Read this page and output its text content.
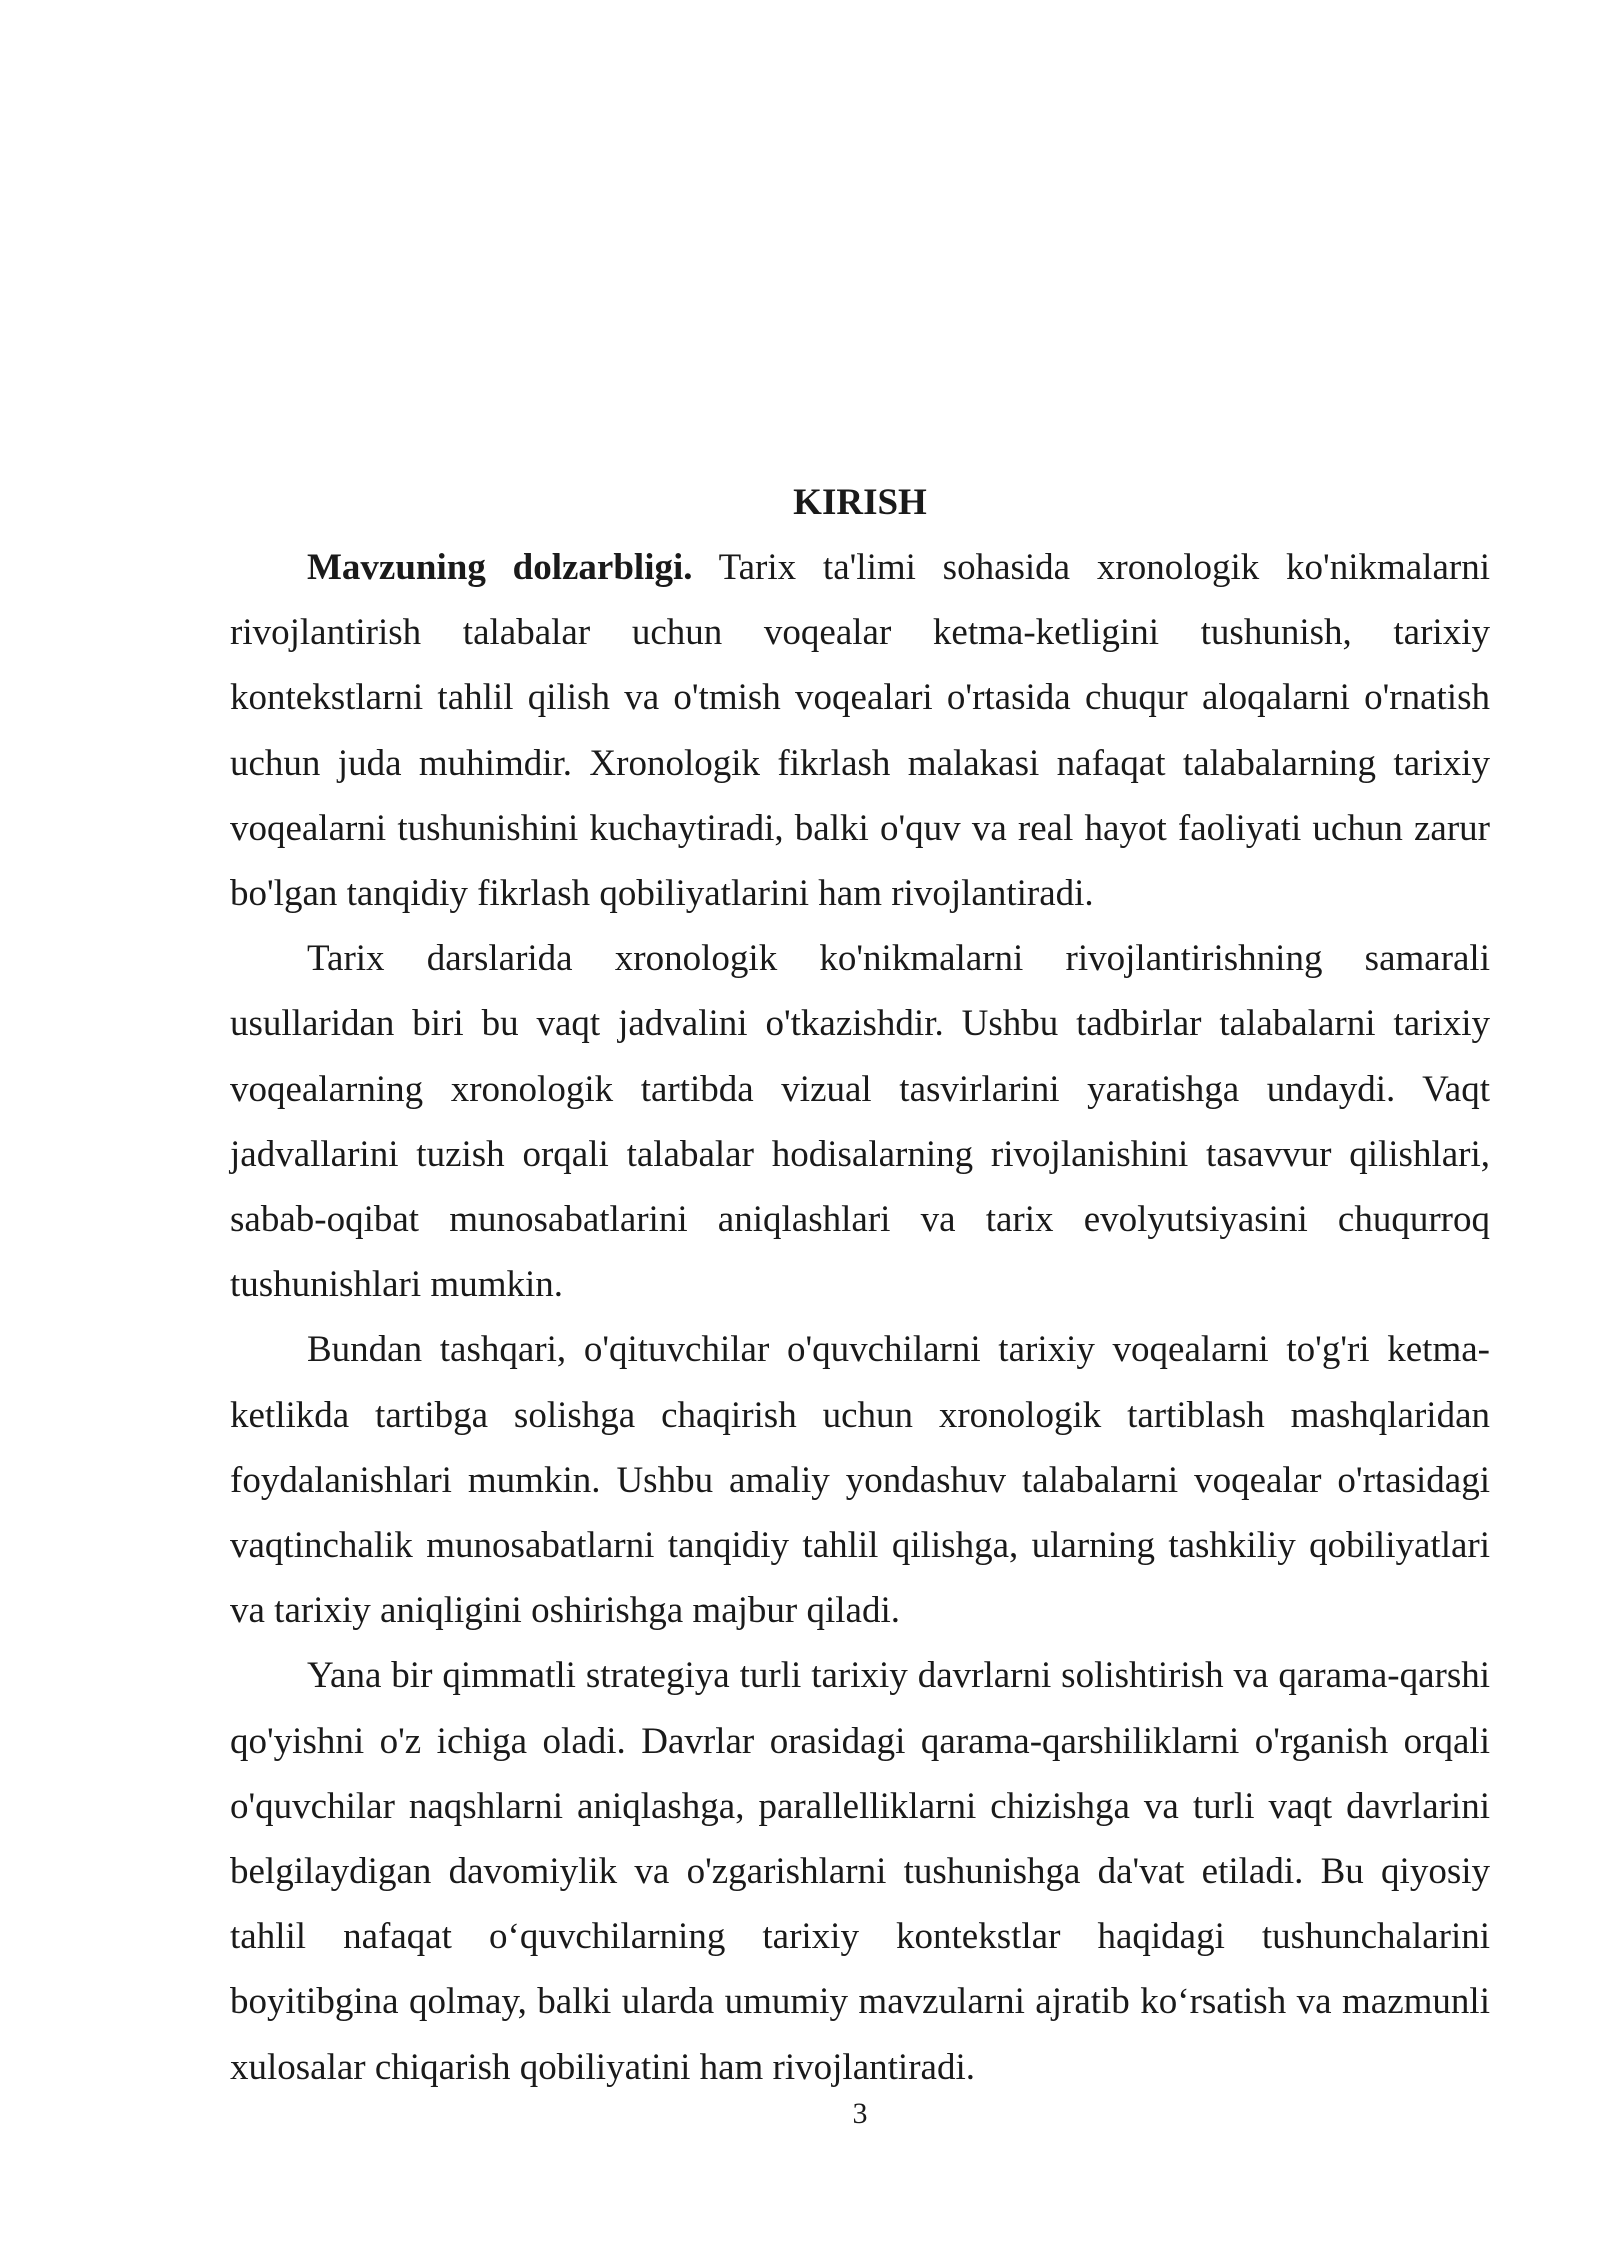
KIRISH

Mavzuning dolzarbligi. Tarix ta'limi sohasida xronologik ko'nikmalarni rivojlantirish talabalar uchun voqealar ketma-ketligini tushunish, tarixiy kontekstlarni tahlil qilish va o'tmish voqealari o'rtasida chuqur aloqalarni o'rnatish uchun juda muhimdir. Xronologik fikrlash malakasi nafaqat talabalarning tarixiy voqealarni tushunishini kuchaytiradi, balki o'quv va real hayot faoliyati uchun zarur bo'lgan tanqidiy fikrlash qobiliyatlarini ham rivojlantiradi.

Tarix darslarida xronologik ko'nikmalarni rivojlantirishning samarali usullaridan biri bu vaqt jadvalini o'tkazishdir. Ushbu tadbirlar talabalarni tarixiy voqealarning xronologik tartibda vizual tasvirlarini yaratishga undaydi. Vaqt jadvallarini tuzish orqali talabalar hodisalarning rivojlanishini tasavvur qilishlari, sabab-oqibat munosabatlarini aniqlashlari va tarix evolyutsiyasini chuqurroq tushunishlari mumkin.

Bundan tashqari, o'qituvchilar o'quvchilarni tarixiy voqealarni to'g'ri ketma-ketlikda tartibga solishga chaqirish uchun xronologik tartiblash mashqlaridan foydalanishlari mumkin. Ushbu amaliy yondashuv talabalarni voqealar o'rtasidagi vaqtinchalik munosabatlarni tanqidiy tahlil qilishga, ularning tashkiliy qobiliyatlari va tarixiy aniqligini oshirishga majbur qiladi.

Yana bir qimmatli strategiya turli tarixiy davrlarni solishtirish va qarama-qarshi qo'yishni o'z ichiga oladi. Davrlar orasidagi qarama-qarshiliklarni o'rganish orqali o'quvchilar naqshlarni aniqlashga, parallelliklarni chizishga va turli vaqt davrlarini belgilaydigan davomiylik va o'zgarishlarni tushunishga da'vat etiladi. Bu qiyosiy tahlil nafaqat o‘quvchilarning tarixiy kontekstlar haqidagi tushunchalarini boyitibgina qolmay, balki ularda umumiy mavzularni ajratib ko‘rsatish va mazmunli xulosalar chiqarish qobiliyatini ham rivojlantiradi.

3
